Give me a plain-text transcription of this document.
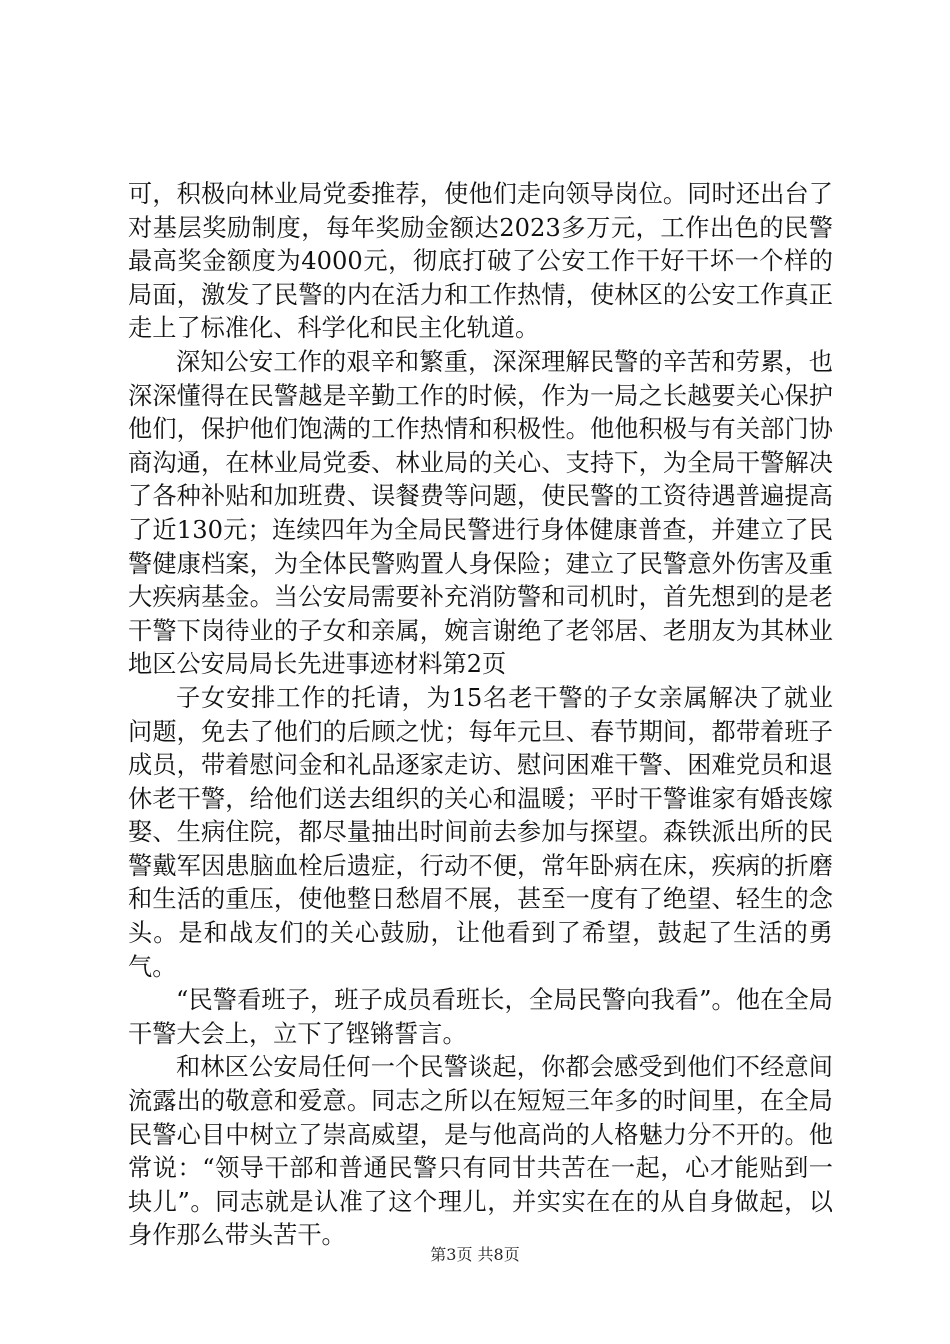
可，积极向林业局党委推荐，使他们走向领导岗位。同时还出台了对基层奖励制度，每年奖励金额达2023多万元，工作出色的民警最高奖金额度为4000元，彻底打破了公安工作干好干坏一个样的局面，激发了民警的内在活力和工作热情，使林区的公安工作真正走上了标准化、科学化和民主化轨道。

深知公安工作的艰辛和繁重，深深理解民警的辛苦和劳累，也深深懂得在民警越是辛勤工作的时候，作为一局之长越要关心保护他们，保护他们饱满的工作热情和积极性。他他积极与有关部门协商沟通，在林业局党委、林业局的关心、支持下，为全局干警解决了各种补贴和加班费、误餐费等问题，使民警的工资待遇普遍提高了近130元；连续四年为全局民警进行身体健康普查，并建立了民警健康档案，为全体民警购置人身保险；建立了民警意外伤害及重大疾病基金。当公安局需要补充消防警和司机时，首先想到的是老干警下岗待业的子女和亲属，婉言谢绝了老邻居、老朋友为其林业地区公安局局长先进事迹材料第2页

子女安排工作的托请，为15名老干警的子女亲属解决了就业问题，免去了他们的后顾之忧；每年元旦、春节期间，都带着班子成员，带着慰问金和礼品逐家走访、慰问困难干警、困难党员和退休老干警，给他们送去组织的关心和温暖；平时干警谁家有婚丧嫁娶、生病住院，都尽量抽出时间前去参加与探望。森铁派出所的民警戴军因患脑血栓后遗症，行动不便，常年卧病在床，疾病的折磨和生活的重压，使他整日愁眉不展，甚至一度有了绝望、轻生的念头。是和战友们的关心鼓励，让他看到了希望，鼓起了生活的勇气。

“民警看班子，班子成员看班长，全局民警向我看”。他在全局干警大会上，立下了铿锵誓言。

和林区公安局任何一个民警谈起，你都会感受到他们不经意间流露出的敬意和爱意。同志之所以在短短三年多的时间里，在全局民警心目中树立了崇高威望，是与他高尚的人格魅力分不开的。他常说：“领导干部和普通民警只有同甘共苦在一起，心才能贴到一块儿”。同志就是认准了这个理儿，并实实在在的从自身做起，以身作那么带头苦干。

第3页 共8页
